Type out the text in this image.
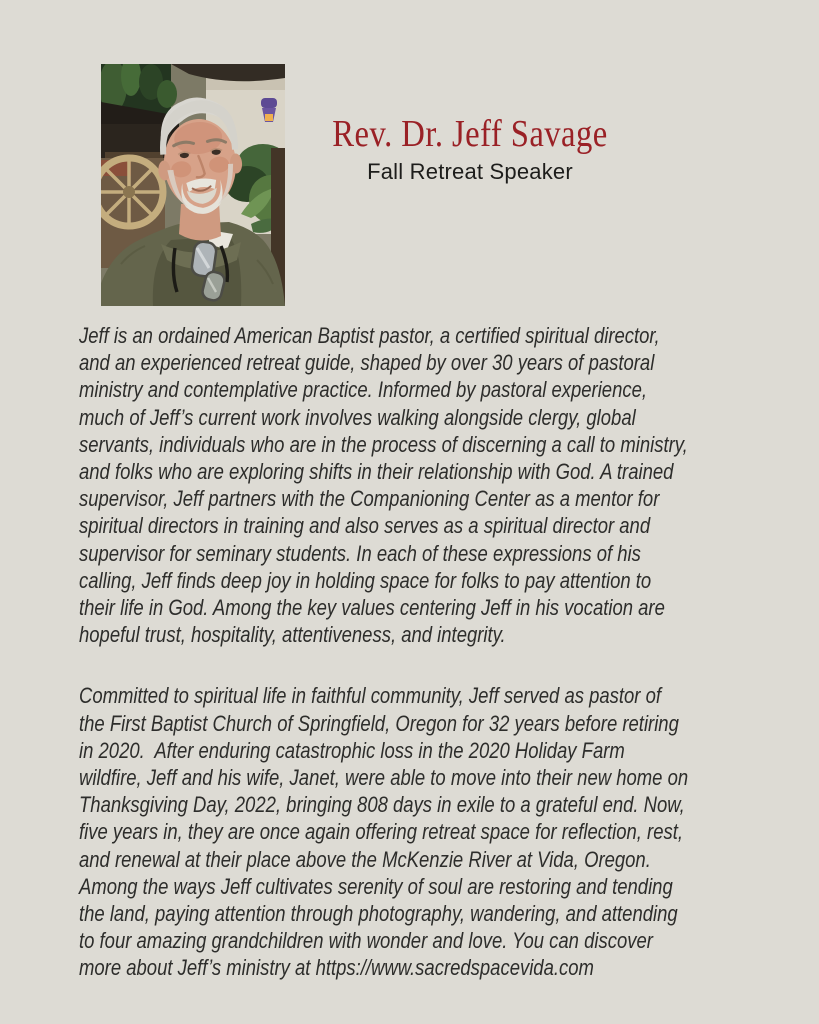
Rev. Dr. Jeff Savage
Fall Retreat Speaker
Jeff is an ordained American Baptist pastor, a certified spiritual director,
and an experienced retreat guide, shaped by over 30 years of pastoral
ministry and contemplative practice. Informed by pastoral experience,
much of Jeff’s current work involves walking alongside clergy, global
servants, individuals who are in the process of discerning a call to ministry,
and folks who are exploring shifts in their relationship with God. A trained
supervisor, Jeff partners with the Companioning Center as a mentor for
spiritual directors in training and also serves as a spiritual director and
supervisor for seminary students. In each of these expressions of his
calling, Jeff finds deep joy in holding space for folks to pay attention to
their life in God. Among the key values centering Jeff in his vocation are
hopeful trust, hospitality, attentiveness, and integrity.
Committed to spiritual life in faithful community, Jeff served as pastor of
the First Baptist Church of Springfield, Oregon for 32 years before retiring
in 2020.  After enduring catastrophic loss in the 2020 Holiday Farm
wildfire, Jeff and his wife, Janet, were able to move into their new home on
Thanksgiving Day, 2022, bringing 808 days in exile to a grateful end. Now,
five years in, they are once again offering retreat space for reflection, rest,
and renewal at their place above the McKenzie River at Vida, Oregon.
Among the ways Jeff cultivates serenity of soul are restoring and tending
the land, paying attention through photography, wandering, and attending
to four amazing grandchildren with wonder and love. You can discover
more about Jeff’s ministry at https://www.sacredspacevida.com
